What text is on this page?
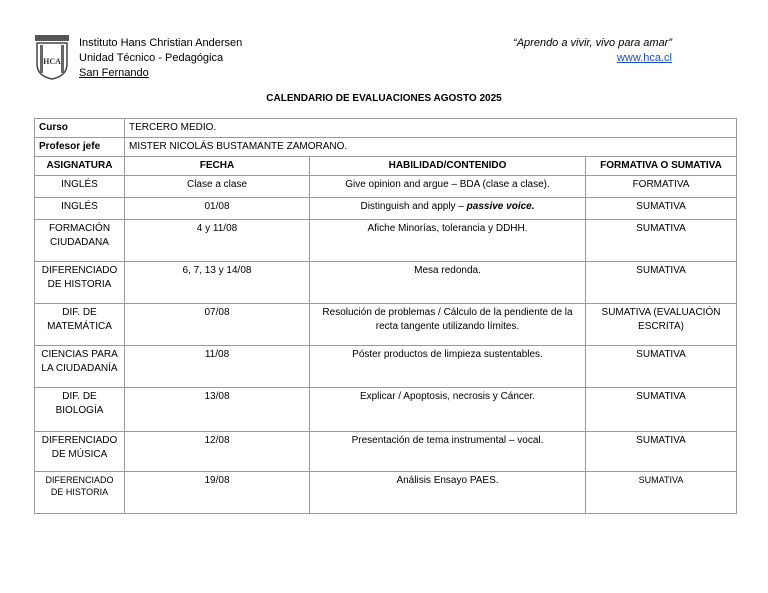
HCA
Instituto Hans Christian Andersen
Unidad Técnico - Pedagógica
San Fernando
“Aprendo a vivir, vivo para amar”
www.hca.cl
CALENDARIO DE EVALUACIONES AGOSTO 2025
Curso	TERCERO MEDIO.		
Profesor jefe	MISTER NICOLÁS BUSTAMANTE ZAMORANO.		
ASIGNATURA	FECHA	HABILIDAD/CONTENIDO	FORMATIVA O SUMATIVA
INGLÉS	Clase a clase	Give opinion and argue – BDA (clase a clase).	FORMATIVA
INGLÉS	01/08	Distinguish and apply – passive voice.	SUMATIVA
FORMACIÓN CIUDADANA	4 y 11/08	Afiche Minorías, tolerancia y DDHH.	SUMATIVA
DIFERENCIADO DE HISTORIA	6, 7, 13 y 14/08	Mesa redonda.	SUMATIVA
DIF. DE MATEMÁTICA	07/08	Resolución de problemas / Cálculo de la pendiente de la recta tangente utilizando límites.	SUMATIVA (EVALUACIÓN ESCRITA)
CIENCIAS PARA LA CIUDADANÍA	11/08	Póster productos de limpieza sustentables.	SUMATIVA
DIF. DE BIOLOGÍA	13/08	Explicar / Apoptosis, necrosis y Cáncer.	SUMATIVA
DIFERENCIADO DE MÚSICA	12/08	Presentación de tema instrumental – vocal.	SUMATIVA
DIFERENCIADO DE HISTORIA	19/08	Análisis Ensayo PAES.	SUMATIVA
